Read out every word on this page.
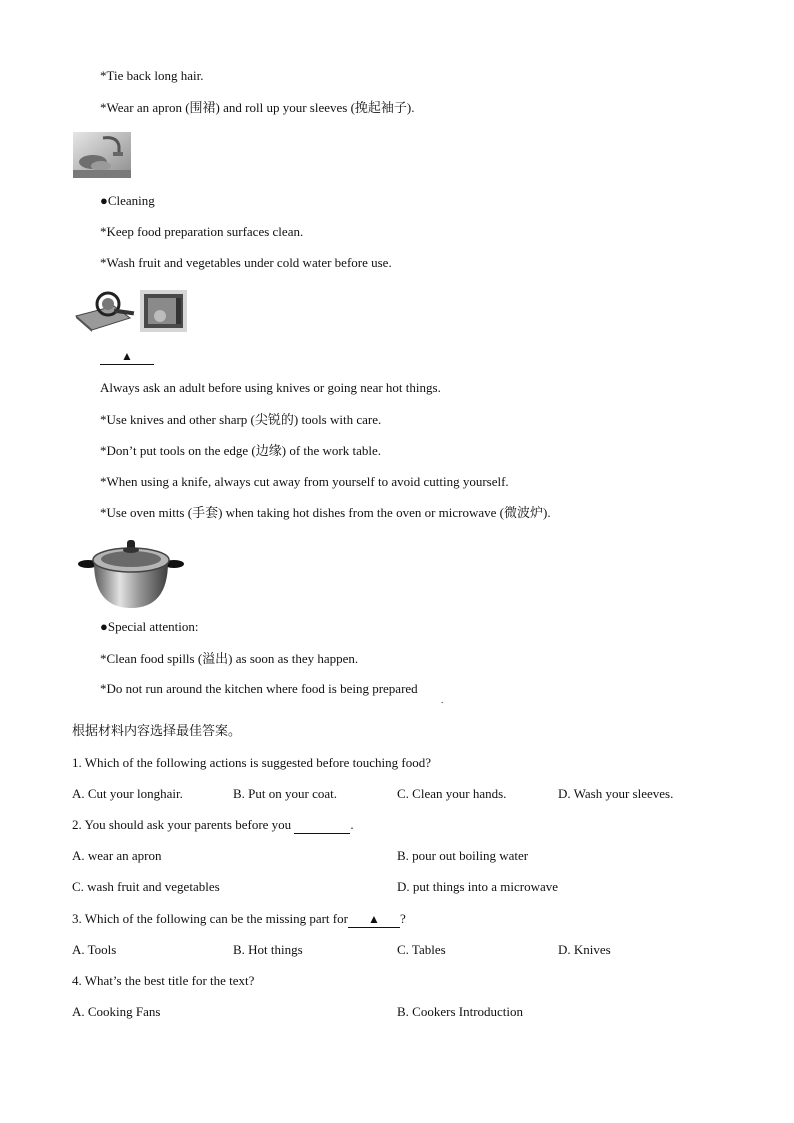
*Tie back long hair.
*Wear an apron (围裙) and roll up your sleeves (挽起袖子).
●Cleaning
*Keep food preparation surfaces clean.
*Wash fruit and vegetables under cold water before use.
▲
Always ask an adult before using knives or going near hot things.
*Use knives and other sharp (尖锐的) tools with care.
*Don’t put tools on the edge (边缘) of the work table.
*When using a knife, always cut away from yourself to avoid cutting yourself.
*Use oven mitts (手套) when taking hot dishes from the oven or microwave (微波炉).
●Special attention:
*Clean food spills (溢出) as soon as they happen.
*Do not run around the kitchen where food is being prepared
.
根据材料内容选择最佳答案。
1. Which of the following actions is suggested before touching food?
A. Cut your longhair.	B. Put on your coat.	C. Clean your hands.	D. Wash your sleeves.
2. You should ask your parents before you	.
A. wear an apron	B. pour out boiling water
C. wash fruit and vegetables	D. put things into a microwave
3. Which of the following can be the missing part for ▲ ?
A. Tools	B. Hot things	C. Tables	D. Knives
4. What’s the best title for the text?
A. Cooking Fans	B. Cookers Introduction
